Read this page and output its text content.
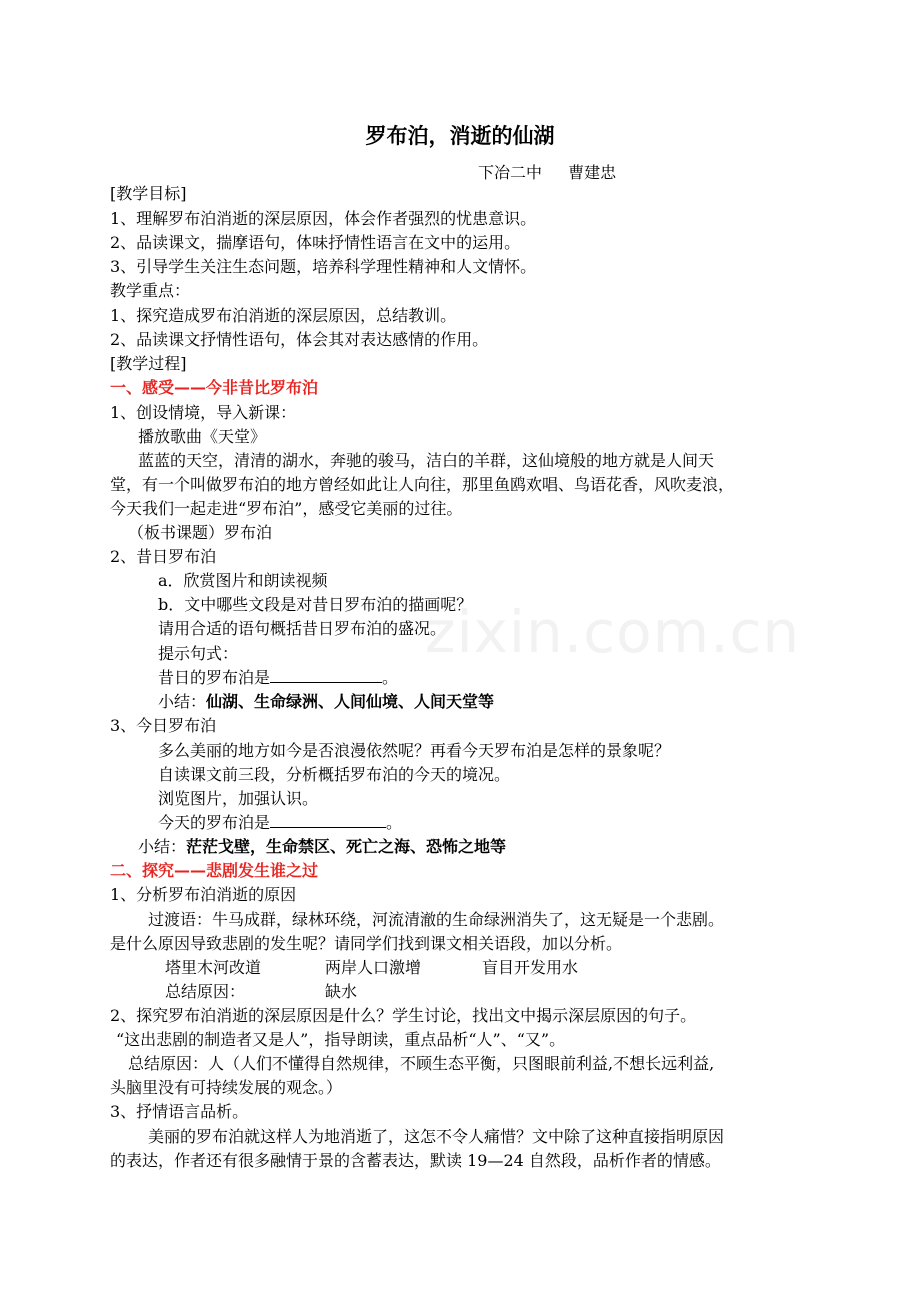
zixin.com.cn
罗布泊，消逝的仙湖
下冶二中　  曹建忠
[教学目标]
1、理解罗布泊消逝的深层原因，体会作者强烈的忧患意识。
2、品读课文，揣摩语句，体味抒情性语言在文中的运用。
3、引导学生关注生态问题，培养科学理性精神和人文情怀。
教学重点：
1、探究造成罗布泊消逝的深层原因，总结教训。
2、品读课文抒情性语句，体会其对表达感情的作用。
[教学过程]
一、感受——今非昔比罗布泊
1、创设情境，导入新课：
播放歌曲《天堂》
蓝蓝的天空，清清的湖水，奔驰的骏马，洁白的羊群，这仙境般的地方就是人间天
堂，有一个叫做罗布泊的地方曾经如此让人向往，那里鱼鸥欢唱、鸟语花香，风吹麦浪，
今天我们一起走进“罗布泊”，感受它美丽的过往。
（板书课题）罗布泊
2、昔日罗布泊
a．欣赏图片和朗读视频
b．文中哪些文段是对昔日罗布泊的描画呢？
请用合适的语句概括昔日罗布泊的盛况。
提示句式：
昔日的罗布泊是	。
小结：仙湖、生命绿洲、人间仙境、人间天堂等
3、今日罗布泊
多么美丽的地方如今是否浪漫依然呢？再看今天罗布泊是怎样的景象呢？
自读课文前三段，分析概括罗布泊的今天的境况。
浏览图片，加强认识。
今天的罗布泊是	。
小结：茫茫戈壁，生命禁区、死亡之海、恐怖之地等
二、探究——悲剧发生谁之过
1、分析罗布泊消逝的原因
过渡语：牛马成群，绿林环绕，河流清澈的生命绿洲消失了，这无疑是一个悲剧。
是什么原因导致悲剧的发生呢？请同学们找到课文相关语段，加以分析。
塔里木河改道	两岸人口激增	盲目开发用水
总结原因：	缺水
2、探究罗布泊消逝的深层原因是什么？学生讨论，找出文中揭示深层原因的句子。
“这出悲剧的制造者又是人”，指导朗读，重点品析“人”、“又”。
总结原因：人（人们不懂得自然规律，不顾生态平衡，只图眼前利益,不想长远利益,
头脑里没有可持续发展的观念。）
3、抒情语言品析。
美丽的罗布泊就这样人为地消逝了，这怎不令人痛惜？文中除了这种直接指明原因
的表达，作者还有很多融情于景的含蓄表达，默读 19—24 自然段，品析作者的情感。
